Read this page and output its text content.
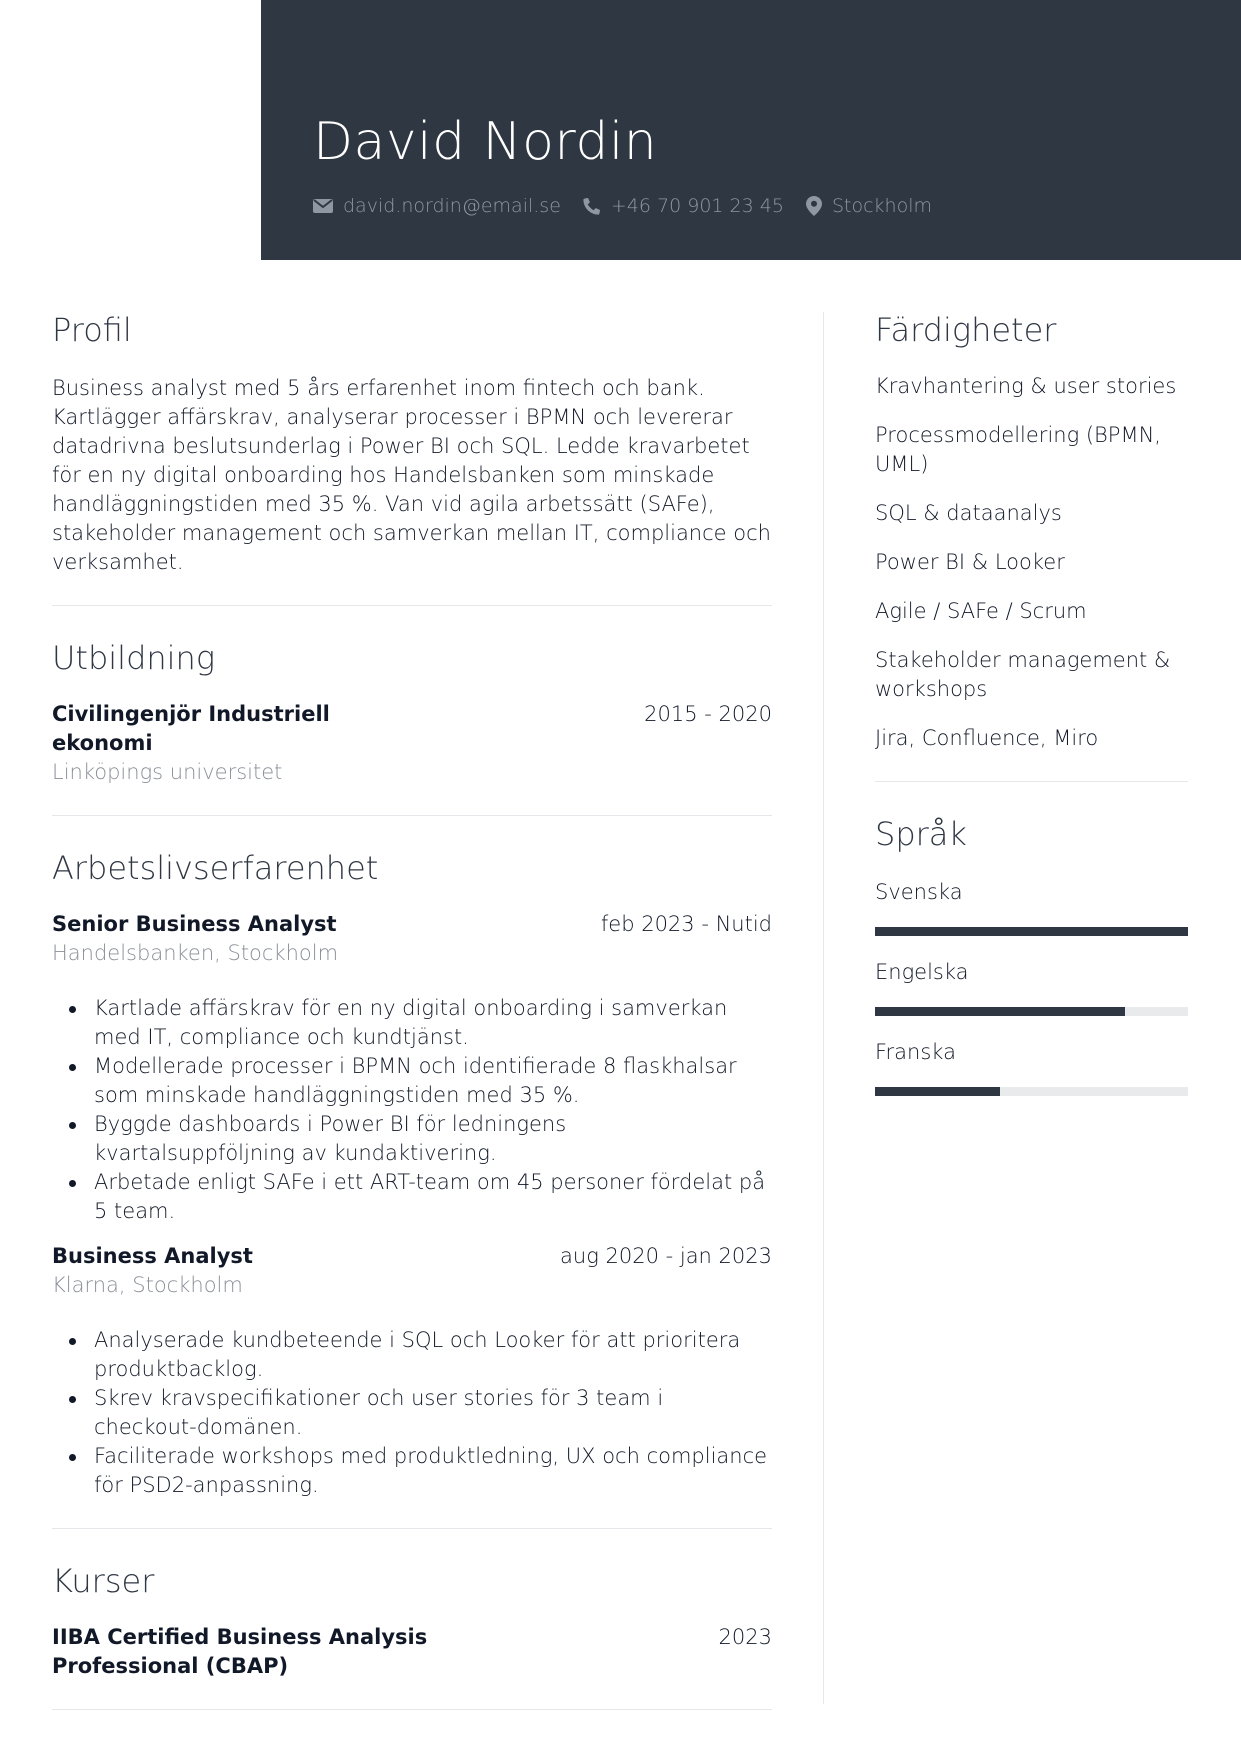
David Nordin
david.nordin@email.se	+46 70 901 23 45	Stockholm
Profil
Business analyst med 5 års erfarenhet inom fintech och bank. Kartlägger affärskrav, analyserar processer i BPMN och levererar datadrivna beslutsunderlag i Power BI och SQL. Ledde kravarbetet för en ny digital onboarding hos Handelsbanken som minskade handläggningstiden med 35 %. Van vid agila arbetssätt (SAFe), stakeholder management och samverkan mellan IT, compliance och verksamhet.
Utbildning
Civilingenjör Industriell ekonomi
2015 - 2020
Linköpings universitet
Arbetslivserfarenhet
Senior Business Analyst	feb 2023 - Nutid
Handelsbanken, Stockholm
Kartlade affärskrav för en ny digital onboarding i samverkan med IT, compliance och kundtjänst.
Modellerade processer i BPMN och identifierade 8 flaskhalsar som minskade handläggningstiden med 35 %.
Byggde dashboards i Power BI för ledningens kvartalsuppföljning av kundaktivering.
Arbetade enligt SAFe i ett ART-team om 45 personer fördelat på 5 team.
Business Analyst	aug 2020 - jan 2023
Klarna, Stockholm
Analyserade kundbeteende i SQL och Looker för att prioritera produktbacklog.
Skrev kravspecifikationer och user stories för 3 team i checkout-domänen.
Faciliterade workshops med produktledning, UX och compliance för PSD2-anpassning.
Kurser
IIBA Certified Business Analysis Professional (CBAP)
2023
Färdigheter
Kravhantering & user stories
Processmodellering (BPMN, UML)
SQL & dataanalys
Power BI & Looker
Agile / SAFe / Scrum
Stakeholder management & workshops
Jira, Confluence, Miro
Språk
Svenska
Engelska
Franska
